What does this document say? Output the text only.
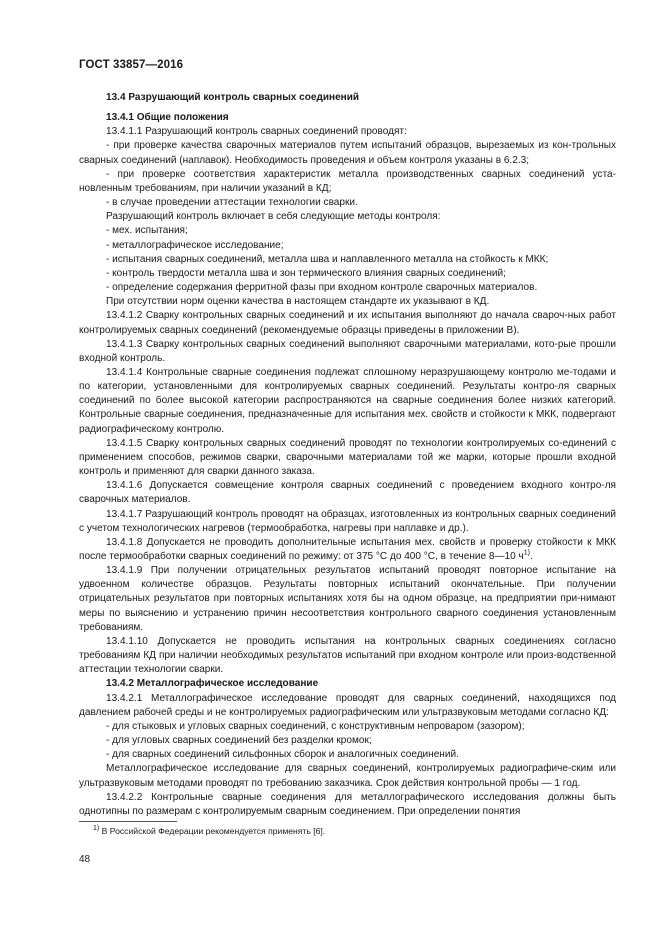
ГОСТ 33857—2016

13.4 Разрушающий контроль сварных соединений

13.4.1 Общие положения

13.4.1.1 Разрушающий контроль сварных соединений проводят:

- при проверке качества сварочных материалов путем испытаний образцов, вырезаемых из кон-трольных сварных соединений (наплавок). Необходимость проведения и объем контроля указаны в 6.2.3;

- при проверке соответствия характеристик металла производственных сварных соединений уста-новленным требованиям, при наличии указаний в КД;

- в случае проведении аттестации технологии сварки.

Разрушающий контроль включает в себя следующие методы контроля:

- мех. испытания;

- металлографическое исследование;

- испытания сварных соединений, металла шва и наплавленного металла на стойкость к МКК;

- контроль твердости металла шва и зон термического влияния сварных соединений;

- определение содержания ферритной фазы при входном контроле сварочных материалов.

При отсутствии норм оценки качества в настоящем стандарте их указывают в КД.

13.4.1.2 Сварку контрольных сварных соединений и их испытания выполняют до начала свароч-ных работ контролируемых сварных соединений (рекомендуемые образцы приведены в приложении В).

13.4.1.3 Сварку контрольных сварных соединений выполняют сварочными материалами, кото-рые прошли входной контроль.

13.4.1.4 Контрольные сварные соединения подлежат сплошному неразрушающему контролю ме-тодами и по категории, установленными для контролируемых сварных соединений. Результаты контро-ля сварных соединений по более высокой категории распространяются на сварные соединения более низких категорий. Контрольные сварные соединения, предназначенные для испытания мех. свойств и стойкости к МКК, подвергают радиографическому контролю.

13.4.1.5 Сварку контрольных сварных соединений проводят по технологии контролируемых со-единений с применением способов, режимов сварки, сварочными материалами той же марки, которые прошли входной контроль и применяют для сварки данного заказа.

13.4.1.6 Допускается совмещение контроля сварных соединений с проведением входного контро-ля сварочных материалов.

13.4.1.7 Разрушающий контроль проводят на образцах, изготовленных из контрольных сварных соединений с учетом технологических нагревов (термообработка, нагревы при наплавке и др.).

13.4.1.8 Допускается не проводить дополнительные испытания мех. свойств и проверку стойкости к МКК после термообработки сварных соединений по режиму: от 375 °С до 400 °С, в течение 8—10 $ч^{1)}$.

13.4.1.9 При получении отрицательных результатов испытаний проводят повторное испытание на удвоенном количестве образцов. Результаты повторных испытаний окончательные. При получении отрицательных результатов при повторных испытаниях хотя бы на одном образце, на предприятии при-нимают меры по выяснению и устранению причин несоответствия контрольного сварного соединения установленным требованиям.

13.4.1.10 Допускается не проводить испытания на контрольных сварных соединениях согласно требованиям КД при наличии необходимых результатов испытаний при входном контроле или произ-водственной аттестации технологии сварки.

13.4.2 Металлографическое исследование

13.4.2.1 Металлографическое исследование проводят для сварных соединений, находящихся под давлением рабочей среды и не контролируемых радиографическим или ультразвуковым методами согласно КД:

- для стыковых и угловых сварных соединений, с конструктивным непроваром (зазором);

- для угловых сварных соединений без разделки кромок;

- для сварных соединений сильфонных сборок и аналогичных соединений.

Металлографическое исследование для сварных соединений, контролируемых радиографиче-ским или ультразвуковым методами проводят по требованию заказчика. Срок действия контрольной пробы — 1 год.

13.4.2.2 Контрольные сварные соединения для металлографического исследования должны быть однотипны по размерам с контролируемым сварным соединением. При определении понятия

$^{1)}$ В Российской Федерации рекомендуется применять [6].
48
